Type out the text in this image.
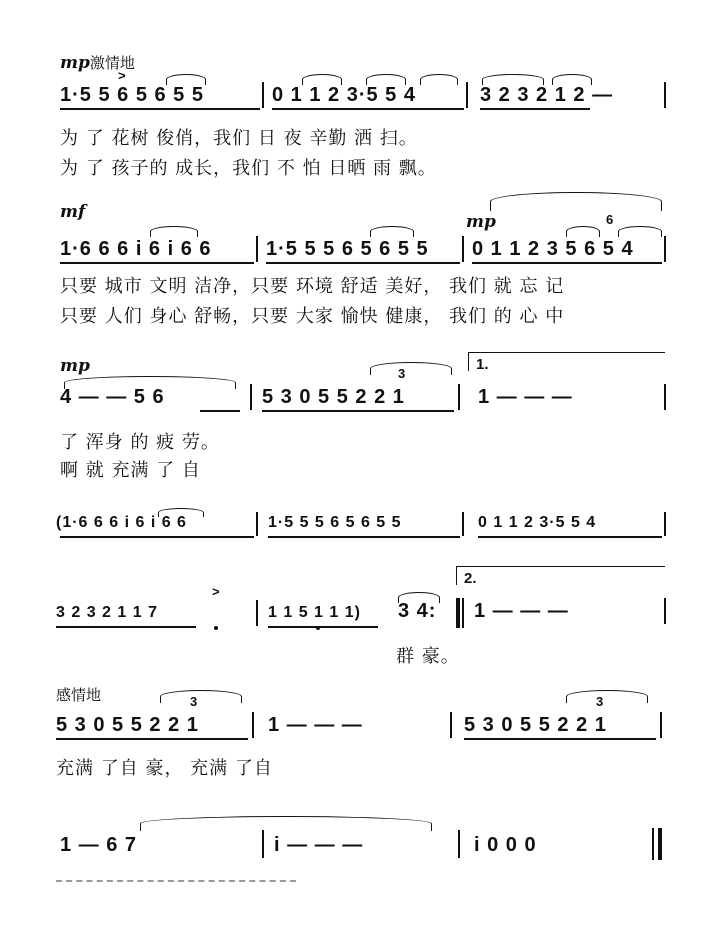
mp激情地
>
1·5 5 6 5 6 5 5	0 1 1 2 3·5 5 4	3 2 3 2 1 2 —
为 了 花树 俊俏，我们 日 夜 辛勤 洒 扫。
为 了 孩子的 成长，我们 不 怕 日晒 雨 飘。
mf	mp	6
1·6 6 6 i 6 i 6 6	1·5 5 5 6 5 6 5 5 0 1 1 2 3 5 6 5 4
只要 城市 文明 洁净，只要 环境 舒适 美好， 我们 就 忘 记
只要 人们 身心 舒畅，只要 大家 愉快 健康， 我们 的 心 中
mp	3
1.
4 — — 5 6	5 3 0 5 5 2 2 1	1 — — —
了 浑身 的 疲 劳。
啊 就 充满 了 自
(1·6 6 6 i 6 i 6 6	1·5 5 5 6 5 6 5 5	0 1 1 2 3·5 5 4
2.
>
3 2 3 2 1 1 7	1 1 5 1 1 1) 3 4: 1 — — —
群 豪。
感情地	3	3
5 3 0 5 5 2 2 1	1 — — —	5 3 0 5 5 2 2 1
充满 了自 豪， 充满 了自
1 — 6 7	i — — —	i 0 0 0
